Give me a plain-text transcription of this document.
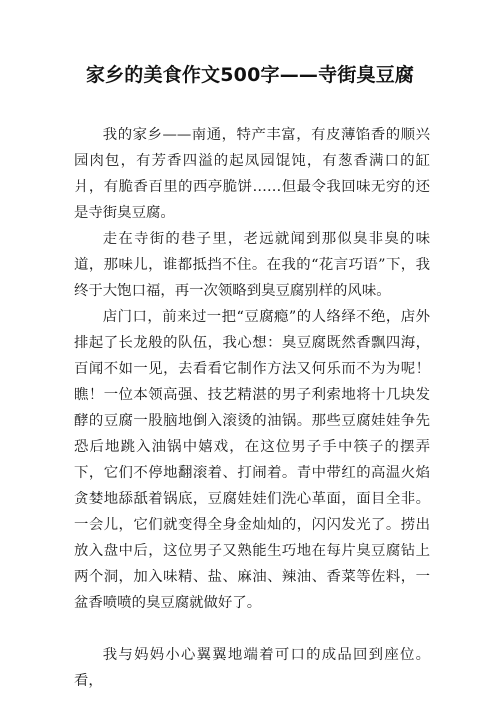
家乡的美食作文500字——寺街臭豆腐

我的家乡——南通，特产丰富，有皮薄馅香的顺兴园肉包，有芳香四溢的起凤园馄饨，有葱香满口的缸爿，有脆香百里的西亭脆饼……但最令我回味无穷的还是寺街臭豆腐。

走在寺街的巷子里，老远就闻到那似臭非臭的味道，那味儿，谁都抵挡不住。在我的“花言巧语”下，我终于大饱口福，再一次领略到臭豆腐别样的风味。

店门口，前来过一把“豆腐瘾”的人络绎不绝，店外排起了长龙般的队伍，我心想：臭豆腐既然香飘四海，百闻不如一见，去看看它制作方法又何乐而不为为呢！瞧！一位本领高强、技艺精湛的男子利索地将十几块发酵的豆腐一股脑地倒入滚烫的油锅。那些豆腐娃娃争先恐后地跳入油锅中嬉戏，在这位男子手中筷子的摆弄下，它们不停地翻滚着、打闹着。青中带红的高温火焰贪婪地舔舐着锅底，豆腐娃娃们洗心革面，面目全非。一会儿，它们就变得全身金灿灿的，闪闪发光了。捞出放入盘中后，这位男子又熟能生巧地在每片臭豆腐钻上两个洞，加入味精、盐、麻油、辣油、香菜等佐料，一盆香喷喷的臭豆腐就做好了。

我与妈妈小心翼翼地端着可口的成品回到座位。看，
